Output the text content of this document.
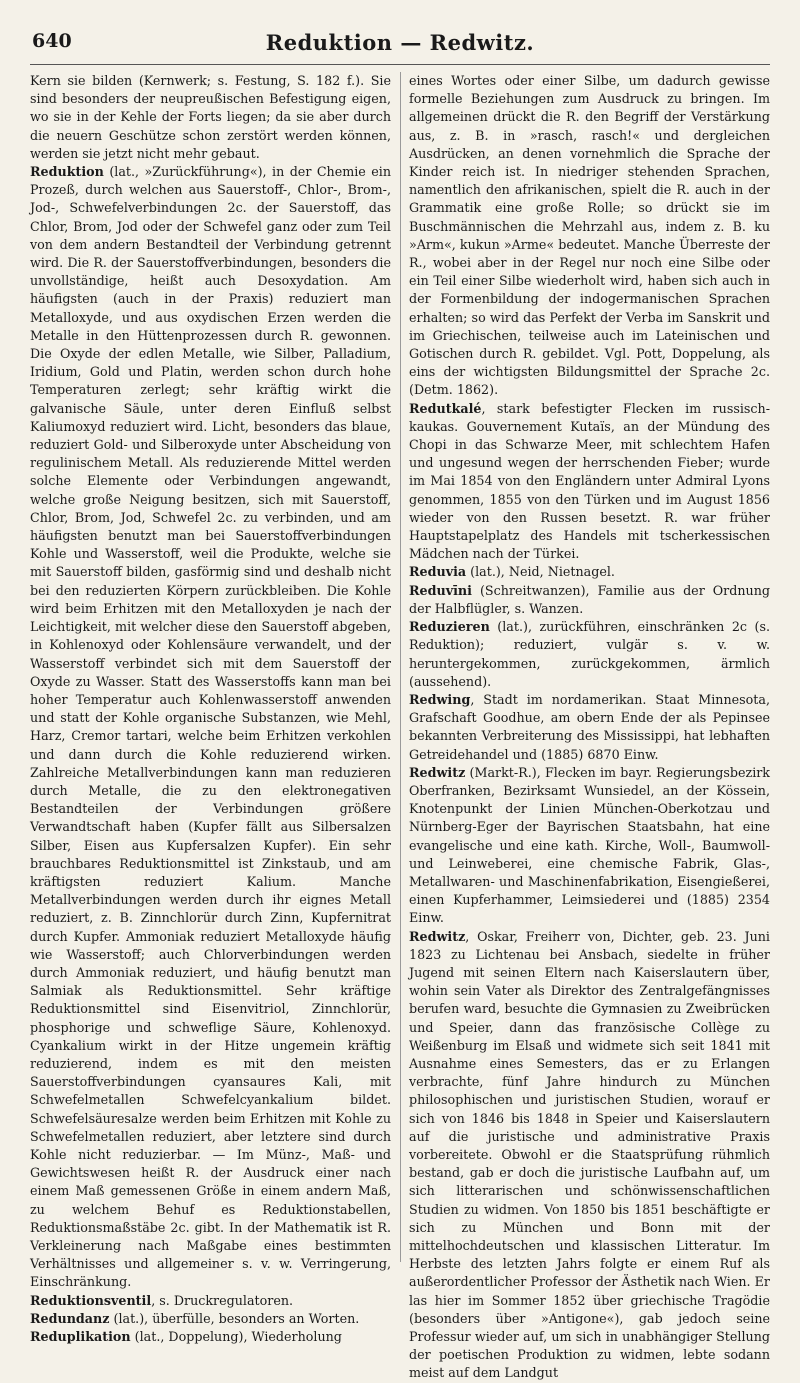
640	Reduktion — Redwitz.

Kern sie bilden (Kernwerk; s. Festung, S. 182 f.). Sie sind besonders der neupreußischen Befestigung eigen, wo sie in der Kehle der Forts liegen; da sie aber durch die neuern Geschütze schon zerstört werden können, werden sie jetzt nicht mehr gebaut.

Reduktion (lat., »Zurückführung«), in der Chemie ein Prozeß, durch welchen aus Sauerstoff-, Chlor-, Brom-, Jod-, Schwefelverbindungen 2c. der Sauerstoff, das Chlor, Brom, Jod oder der Schwefel ganz oder zum Teil von dem andern Bestandteil der Verbindung getrennt wird. Die R. der Sauerstoffverbindungen, besonders die unvollständige, heißt auch Desoxydation. Am häufigsten (auch in der Praxis) reduziert man Metalloxyde, und aus oxydischen Erzen werden die Metalle in den Hüttenprozessen durch R. gewonnen. Die Oxyde der edlen Metalle, wie Silber, Palladium, Iridium, Gold und Platin, werden schon durch hohe Temperaturen zerlegt; sehr kräftig wirkt die galvanische Säule, unter deren Einfluß selbst Kaliumoxyd reduziert wird. Licht, besonders das blaue, reduziert Gold- und Silberoxyde unter Abscheidung von regulinischem Metall. Als reduzierende Mittel werden solche Elemente oder Verbindungen angewandt, welche große Neigung besitzen, sich mit Sauerstoff, Chlor, Brom, Jod, Schwefel 2c. zu verbinden, und am häufigsten benutzt man bei Sauerstoffverbindungen Kohle und Wasserstoff, weil die Produkte, welche sie mit Sauerstoff bilden, gasförmig sind und deshalb nicht bei den reduzierten Körpern zurückbleiben. Die Kohle wird beim Erhitzen mit den Metalloxyden je nach der Leichtigkeit, mit welcher diese den Sauerstoff abgeben, in Kohlenoxyd oder Kohlensäure verwandelt, und der Wasserstoff verbindet sich mit dem Sauerstoff der Oxyde zu Wasser. Statt des Wasserstoffs kann man bei hoher Temperatur auch Kohlenwasserstoff anwenden und statt der Kohle organische Substanzen, wie Mehl, Harz, Cremor tartari, welche beim Erhitzen verkohlen und dann durch die Kohle reduzierend wirken. Zahlreiche Metallverbindungen kann man reduzieren durch Metalle, die zu den elektronegativen Bestandteilen der Verbindungen größere Verwandtschaft haben (Kupfer fällt aus Silbersalzen Silber, Eisen aus Kupfersalzen Kupfer). Ein sehr brauchbares Reduktionsmittel ist Zinkstaub, und am kräftigsten reduziert Kalium. Manche Metallverbindungen werden durch ihr eignes Metall reduziert, z. B. Zinnchlorür durch Zinn, Kupfernitrat durch Kupfer. Ammoniak reduziert Metalloxyde häufig wie Wasserstoff; auch Chlorverbindungen werden durch Ammoniak reduziert, und häufig benutzt man Salmiak als Reduktionsmittel. Sehr kräftige Reduktionsmittel sind Eisenvitriol, Zinnchlorür, phosphorige und schweflige Säure, Kohlenoxyd. Cyankalium wirkt in der Hitze ungemein kräftig reduzierend, indem es mit den meisten Sauerstoffverbindungen cyansaures Kali, mit Schwefelmetallen Schwefelcyankalium bildet. Schwefelsäuresalze werden beim Erhitzen mit Kohle zu Schwefelmetallen reduziert, aber letztere sind durch Kohle nicht reduzierbar. — Im Münz-, Maß- und Gewichtswesen heißt R. der Ausdruck einer nach einem Maß gemessenen Größe in einem andern Maß, zu welchem Behuf es Reduktionstabellen, Reduktionsmaßstäbe 2c. gibt. In der Mathematik ist R. Verkleinerung nach Maßgabe eines bestimmten Verhältnisses und allgemeiner s. v. w. Verringerung, Einschränkung.

Reduktionsventil, s. Druckregulatoren.

Redundanz (lat.), überfülle, besonders an Worten.

Reduplikation (lat., Doppelung), Wiederholung

eines Wortes oder einer Silbe, um dadurch gewisse formelle Beziehungen zum Ausdruck zu bringen. Im allgemeinen drückt die R. den Begriff der Verstärkung aus, z. B. in »rasch, rasch!« und dergleichen Ausdrücken, an denen vornehmlich die Sprache der Kinder reich ist. In niedriger stehenden Sprachen, namentlich den afrikanischen, spielt die R. auch in der Grammatik eine große Rolle; so drückt sie im Buschmännischen die Mehrzahl aus, indem z. B. ku »Arm«, kukun »Arme« bedeutet. Manche Überreste der R., wobei aber in der Regel nur noch eine Silbe oder ein Teil einer Silbe wiederholt wird, haben sich auch in der Formenbildung der indogermanischen Sprachen erhalten; so wird das Perfekt der Verba im Sanskrit und im Griechischen, teilweise auch im Lateinischen und Gotischen durch R. gebildet. Vgl. Pott, Doppelung, als eins der wichtigsten Bildungsmittel der Sprache 2c. (Detm. 1862).

Redutkalé, stark befestigter Flecken im russisch-kaukas. Gouvernement Kutaïs, an der Mündung des Chopi in das Schwarze Meer, mit schlechtem Hafen und ungesund wegen der herrschenden Fieber; wurde im Mai 1854 von den Engländern unter Admiral Lyons genommen, 1855 von den Türken und im August 1856 wieder von den Russen besetzt. R. war früher Hauptstapelplatz des Handels mit tscherkessischen Mädchen nach der Türkei.

Reduvia (lat.), Neid, Nietnagel.

Reduvīni (Schreitwanzen), Familie aus der Ordnung der Halbflügler, s. Wanzen.

Reduzieren (lat.), zurückführen, einschränken 2c (s. Reduktion); reduziert, vulgär s. v. w. heruntergekommen, zurückgekommen, ärmlich (aussehend).

Redwing, Stadt im nordamerikan. Staat Minnesota, Grafschaft Goodhue, am obern Ende der als Pepinsee bekannten Verbreiterung des Mississippi, hat lebhaften Getreidehandel und (1885) 6870 Einw.

Redwitz (Markt-R.), Flecken im bayr. Regierungsbezirk Oberfranken, Bezirksamt Wunsiedel, an der Kössein, Knotenpunkt der Linien München-Oberkotzau und Nürnberg-Eger der Bayrischen Staatsbahn, hat eine evangelische und eine kath. Kirche, Woll-, Baumwoll- und Leinweberei, eine chemische Fabrik, Glas-, Metallwaren- und Maschinenfabrikation, Eisengießerei, einen Kupferhammer, Leimsiederei und (1885) 2354 Einw.

Redwitz, Oskar, Freiherr von, Dichter, geb. 23. Juni 1823 zu Lichtenau bei Ansbach, siedelte in früher Jugend mit seinen Eltern nach Kaiserslautern über, wohin sein Vater als Direktor des Zentralgefängnisses berufen ward, besuchte die Gymnasien zu Zweibrücken und Speier, dann das französische Collège zu Weißenburg im Elsaß und widmete sich seit 1841 mit Ausnahme eines Semesters, das er zu Erlangen verbrachte, fünf Jahre hindurch zu München philosophischen und juristischen Studien, worauf er sich von 1846 bis 1848 in Speier und Kaiserslautern auf die juristische und administrative Praxis vorbereitete. Obwohl er die Staatsprüfung rühmlich bestand, gab er doch die juristische Laufbahn auf, um sich litterarischen und schönwissenschaftlichen Studien zu widmen. Von 1850 bis 1851 beschäftigte er sich zu München und Bonn mit der mittelhochdeutschen und klassischen Litteratur. Im Herbste des letzten Jahrs folgte er einem Ruf als außerordentlicher Professor der Ästhetik nach Wien. Er las hier im Sommer 1852 über griechische Tragödie (besonders über »Antigone«), gab jedoch seine Professur wieder auf, um sich in unabhängiger Stellung der poetischen Produktion zu widmen, lebte sodann meist auf dem Landgut
